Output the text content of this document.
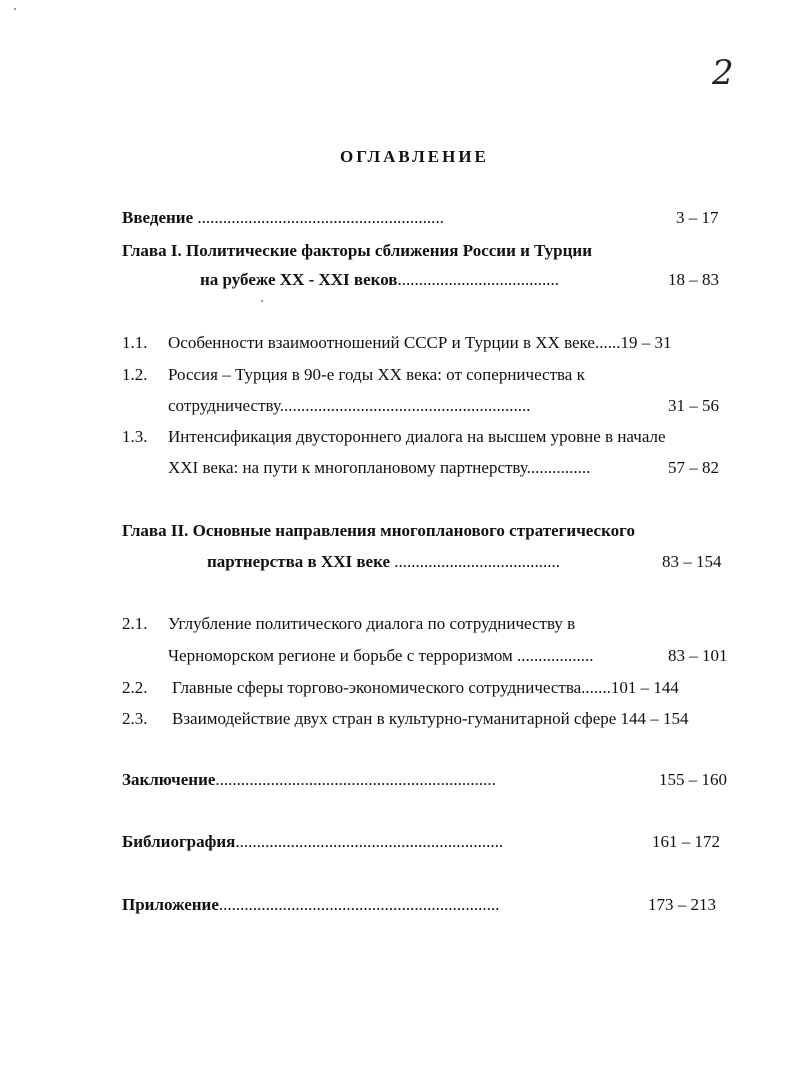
2
ОГЛАВЛЕНИЕ
Введение ..........................................................	3 – 17
Глава I. Политические факторы сближения России и Турции
на рубеже XX - XXI веков......................................	18 – 83
1.1. Особенности взаимоотношений СССР и Турции в XX веке......19 – 31
1.2. Россия – Турция в 90-е годы XX века: от соперничества к
сотрудничеству...........................................................	31 – 56
1.3. Интенсификация двустороннего диалога на высшем уровне в начале
XXI века: на пути к многоплановому партнерству...............	57 – 82
Глава II. Основные направления многопланового стратегического
партнерства в XXI веке .......................................	83 – 154
2.1. Углубление политического диалога по сотрудничеству в
Черноморском регионе и борьбе с терроризмом ..................	83 – 101
2.2. Главные сферы торгово-экономического сотрудничества.......101 – 144
2.3. Взаимодействие двух стран в культурно-гуманитарной сфере 144 – 154
Заключение..................................................................	155 – 160
Библиография...............................................................	161 – 172
Приложение..................................................................	173 – 213
